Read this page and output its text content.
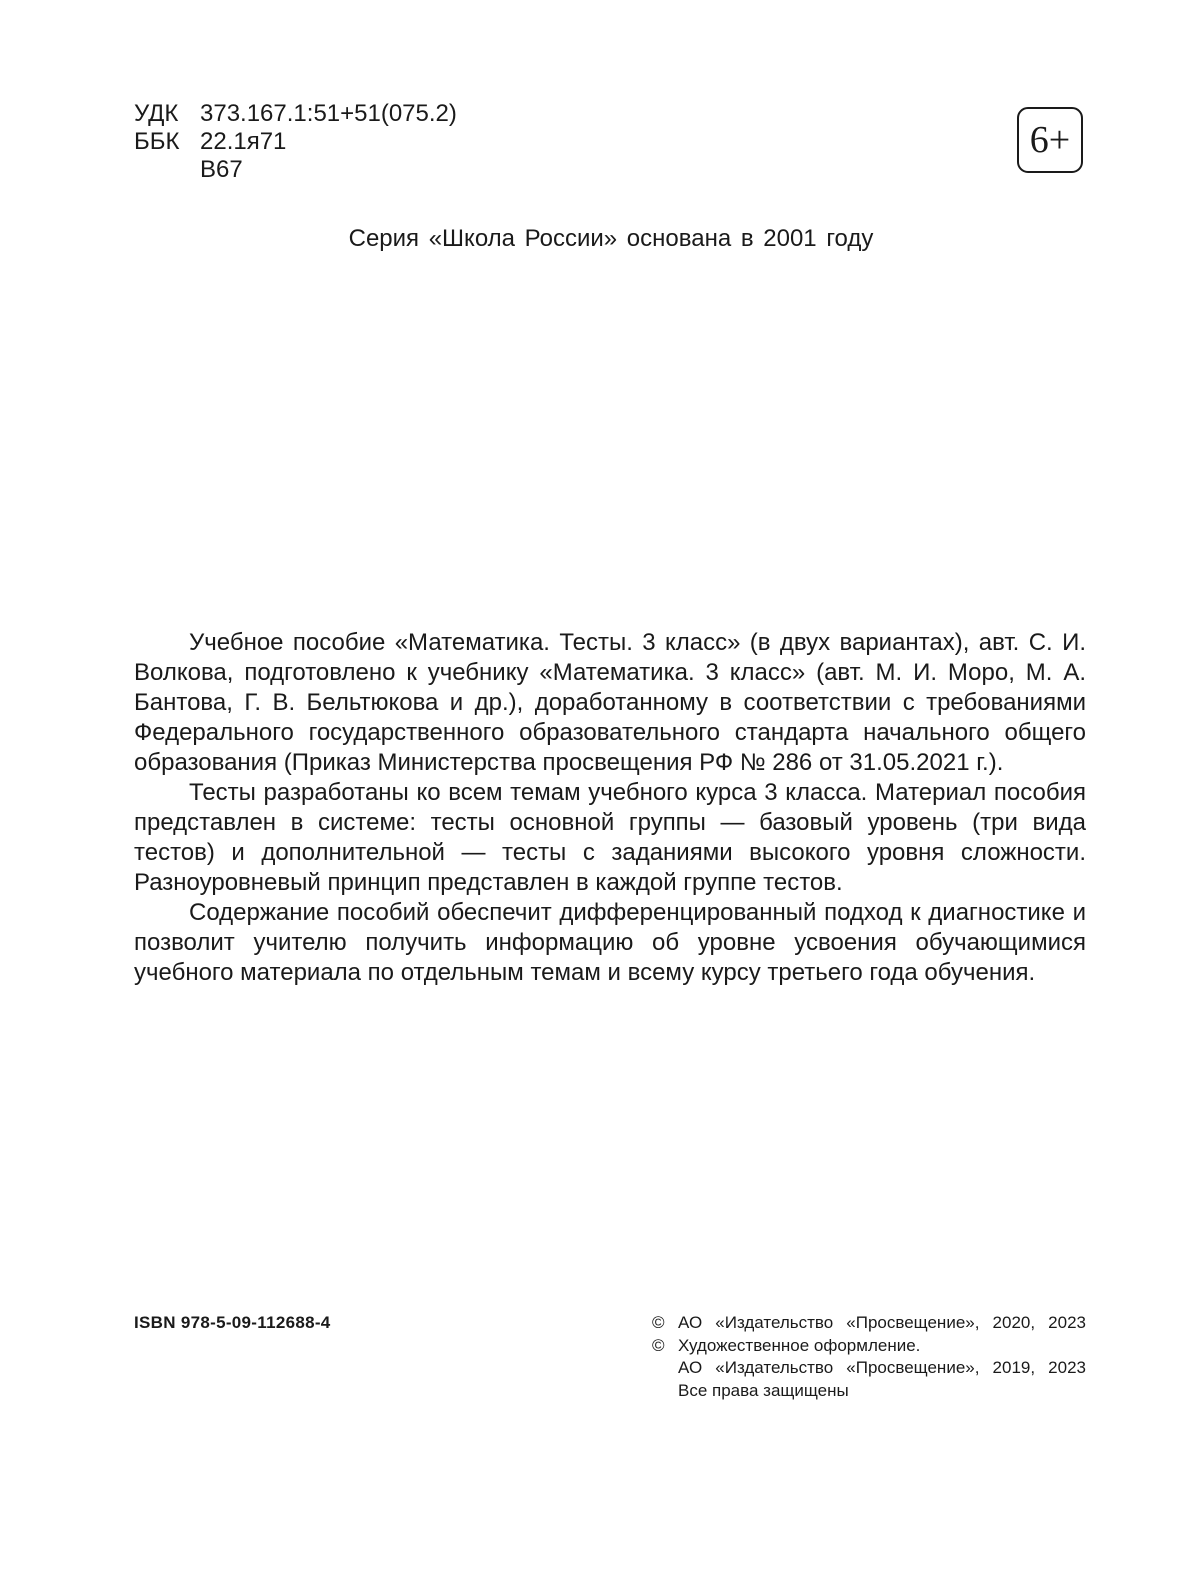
УДК 373.167.1:51+51(075.2)
ББК 22.1я71
В67
6+
Серия «Школа России» основана в 2001 году

Учебное пособие «Математика. Тесты. 3 класс» (в двух вариантах), авт. С. И. Волкова, подготовлено к учебнику «Математика. 3 класс» (авт. М. И. Моро, М. А. Бантова, Г. В. Бельтюкова и др.), доработанному в соответствии с требованиями Федерального государственного образовательного стандарта начального общего образования (Приказ Министерства просвещения РФ № 286 от 31.05.2021 г.).

Тесты разработаны ко всем темам учебного курса 3 класса. Материал пособия представлен в системе: тесты основной группы — базовый уровень (три вида тестов) и дополнительной — тесты с заданиями высокого уровня сложности. Разноуровневый принцип представлен в каждой группе тестов.

Содержание пособий обеспечит дифференцированный подход к диагностике и позволит учителю получить информацию об уровне усвоения обучающимися учебного материала по отдельным темам и всему курсу третьего года обучения.

ISBN 978-5-09-112688-4	© АО «Издательство «Просвещение», 2020, 2023
© Художественное оформление.
АО «Издательство «Просвещение», 2019, 2023
Все права защищены
